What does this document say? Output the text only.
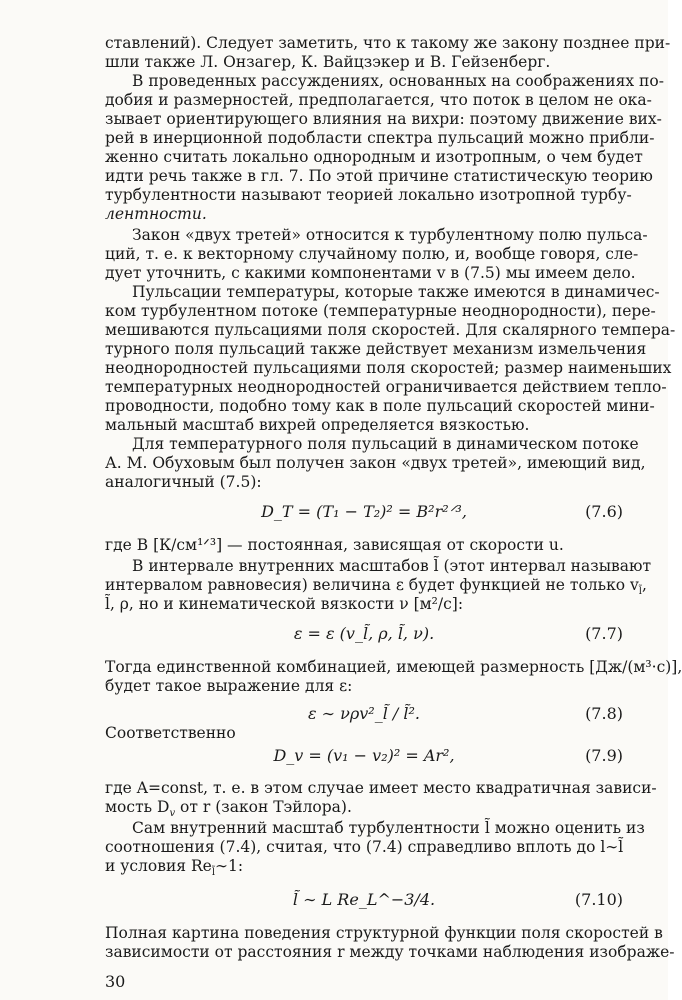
ставлений). Следует заметить, что к такому же закону позднее при-
шли также Л. Онзагер, К. Вайцзэкер и В. Гейзенберг.
В проведенных рассуждениях, основанных на соображениях по-
добия и размерностей, предполагается, что поток в целом не ока-
зывает ориентирующего влияния на вихри: поэтому движение вих-
рей в инерционной подобласти спектра пульсаций можно прибли-
женно считать локально однородным и изотропным, о чем будет
идти речь также в гл. 7. По этой причине статистическую теорию
турбулентности называют теорией локально изотропной турбу-
лентности.
Закон «двух третей» относится к турбулентному полю пульса-
ций, т. е. к векторному случайному полю, и, вообще говоря, сле-
дует уточнить, с какими компонентами v в (7.5) мы имеем дело.
Пульсации температуры, которые также имеются в динамичес-
ком турбулентном потоке (температурные неоднородности), пере-
мешиваются пульсациями поля скоростей. Для скалярного темпера-
турного поля пульсаций также действует механизм измельчения
неоднородностей пульсациями поля скоростей; размер наименьших
температурных неоднородностей ограничивается действием тепло-
проводности, подобно тому как в поле пульсаций скоростей мини-
мальный масштаб вихрей определяется вязкостью.
Для температурного поля пульсаций в динамическом потоке
А. М. Обуховым был получен закон «двух третей», имеющий вид,
аналогичный (7.5):
D_T = (T₁ − T₂)² = B²r²ᐟ³,	(7.6)
где B [К/см¹ᐟ³] — постоянная, зависящая от скорости u.
В интервале внутренних масштабов l̃ (этот интервал называют
интервалом равновесия) величина ε будет функцией не только $v_{l̃}$,
l̃, ρ, но и кинематической вязкости ν [м²/с]:
ε = ε (v_l̃, ρ, l̃, ν).	(7.7)
Тогда единственной комбинацией, имеющей размерность [Дж/(м³·с)],
будет такое выражение для ε:
ε ∼ νρv²_l̃ / l̃².	(7.8)
Соответственно
D_v = (v₁ − v₂)² = Ar²,	(7.9)
где A=const, т. е. в этом случае имеет место квадратичная зависи-
мость $D_v$ от r (закон Тэйлора).
Сам внутренний масштаб турбулентности l̃ можно оценить из
соотношения (7.4), считая, что (7.4) справедливо вплоть до l∼l̃
и условия $Re_{l̃}\sim 1$:
l̃ ∼ L Re_L^−3/4.	(7.10)
Полная картина поведения структурной функции поля скоростей в
зависимости от расстояния r между точками наблюдения изображе-
30
